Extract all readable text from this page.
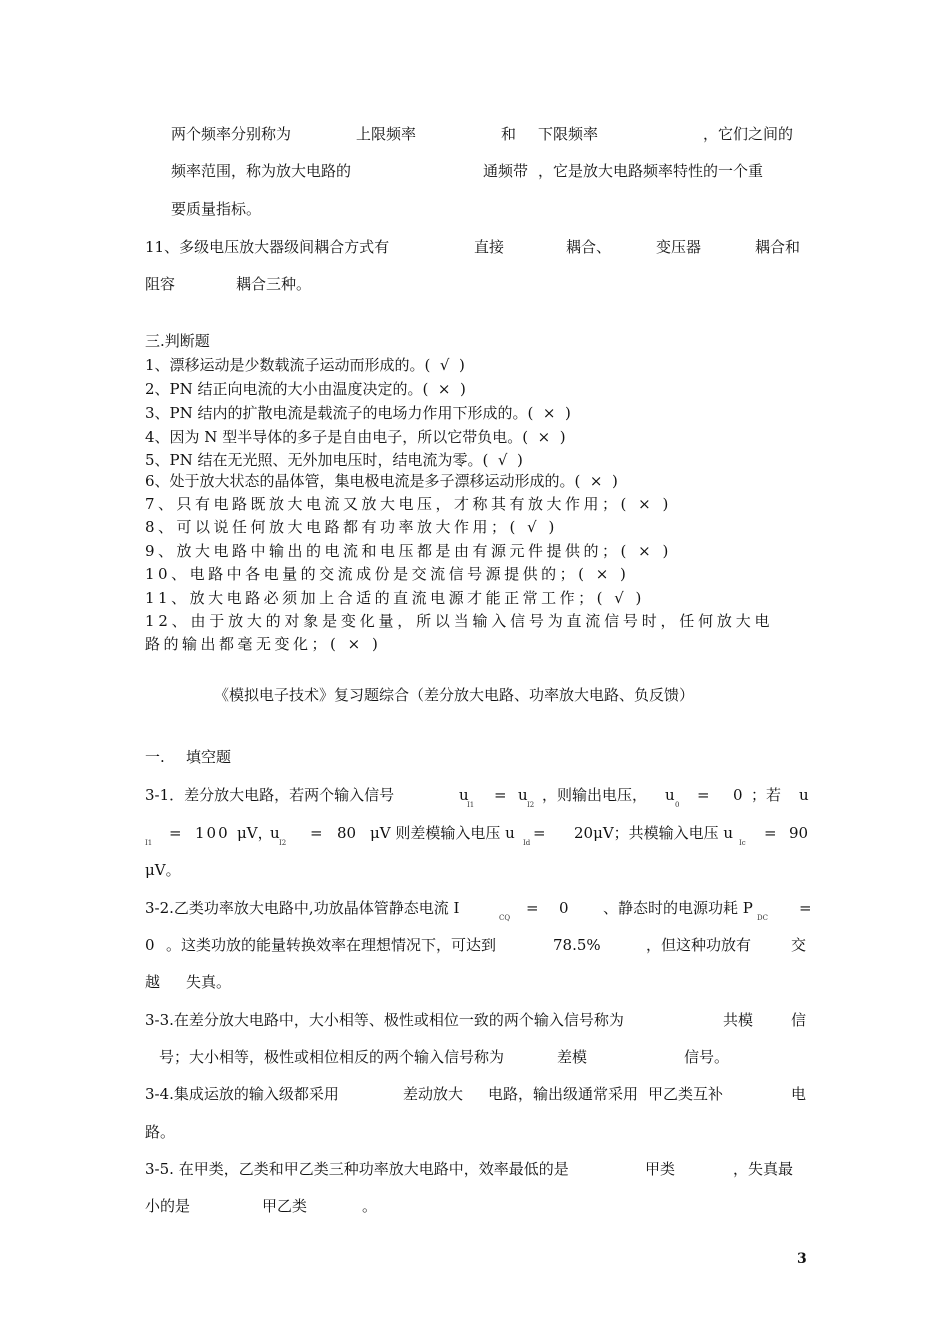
两个频率分别称为	上限频率	和 下限频率	，它们之间的
频率范围，称为放大电路的	通频带 ，它是放大电路频率特性的一个重
要质量指标。
11、多级电压放大器级间耦合方式有	直接	耦合、	变压器	耦合和
阻容	耦合三种。
三.判断题
1、漂移运动是少数载流子运动而形成的。(  √  )
2、PN 结正向电流的大小由温度决定的。(  ×  )
3、PN 结内的扩散电流是载流子的电场力作用下形成的。(  ×  )
4、因为 N 型半导体的多子是自由电子，所以它带负电。(  ×  )
5、PN 结在无光照、无外加电压时，结电流为零。(  √  )
6、处于放大状态的晶体管，集电极电流是多子漂移运动形成的。(  ×  )
7、只有电路既放大电流又放大电压，才称其有放大作用；( × )
8、可以说任何放大电路都有功率放大作用；( √ )
9、放大电路中输出的电流和电压都是由有源元件提供的；( × )
10、电路中各电量的交流成份是交流信号源提供的；( × )
11、放大电路必须加上合适的直流电源才能正常工作；( √ )
12、由于放大的对象是变化量，所以当输入信号为直流信号时，任何放大电
路的输出都毫无变化；( × )
《模拟电子技术》复习题综合（差分放大电路、功率放大电路、负反馈）
一. 填空题
3-1．差分放大电路，若两个输入信号	u
I1
= u
I2
，则输出电压， u
0
= 0 ；若 u
I1
= 100 μV，
u
I2
= 80 μV 则差模输入电压 u
Id
= 20μV；共模输入电压 u
Ic
= 90
μV。
3-2.乙类功率放大电路中,功放晶体管静态电流 I
CQ
= 0 、静态时的电源功耗 P
DC
=
0 。这类功放的能量转换效率在理想情况下，可达到	78.5%	，但这种功放有	交
越 失真。
3-3.在差分放大电路中，大小相等、极性或相位一致的两个输入信号称为	共模	信
号；大小相等，极性或相位相反的两个输入信号称为	差模	信号。
3-4.集成运放的输入级都采用	差动放大 电路，输出级通常采用 甲乙类互补	电
路。
3-5. 在甲类，乙类和甲乙类三种功率放大电路中，效率最低的是	甲类	，失真最
小的是	甲乙类	。
3
